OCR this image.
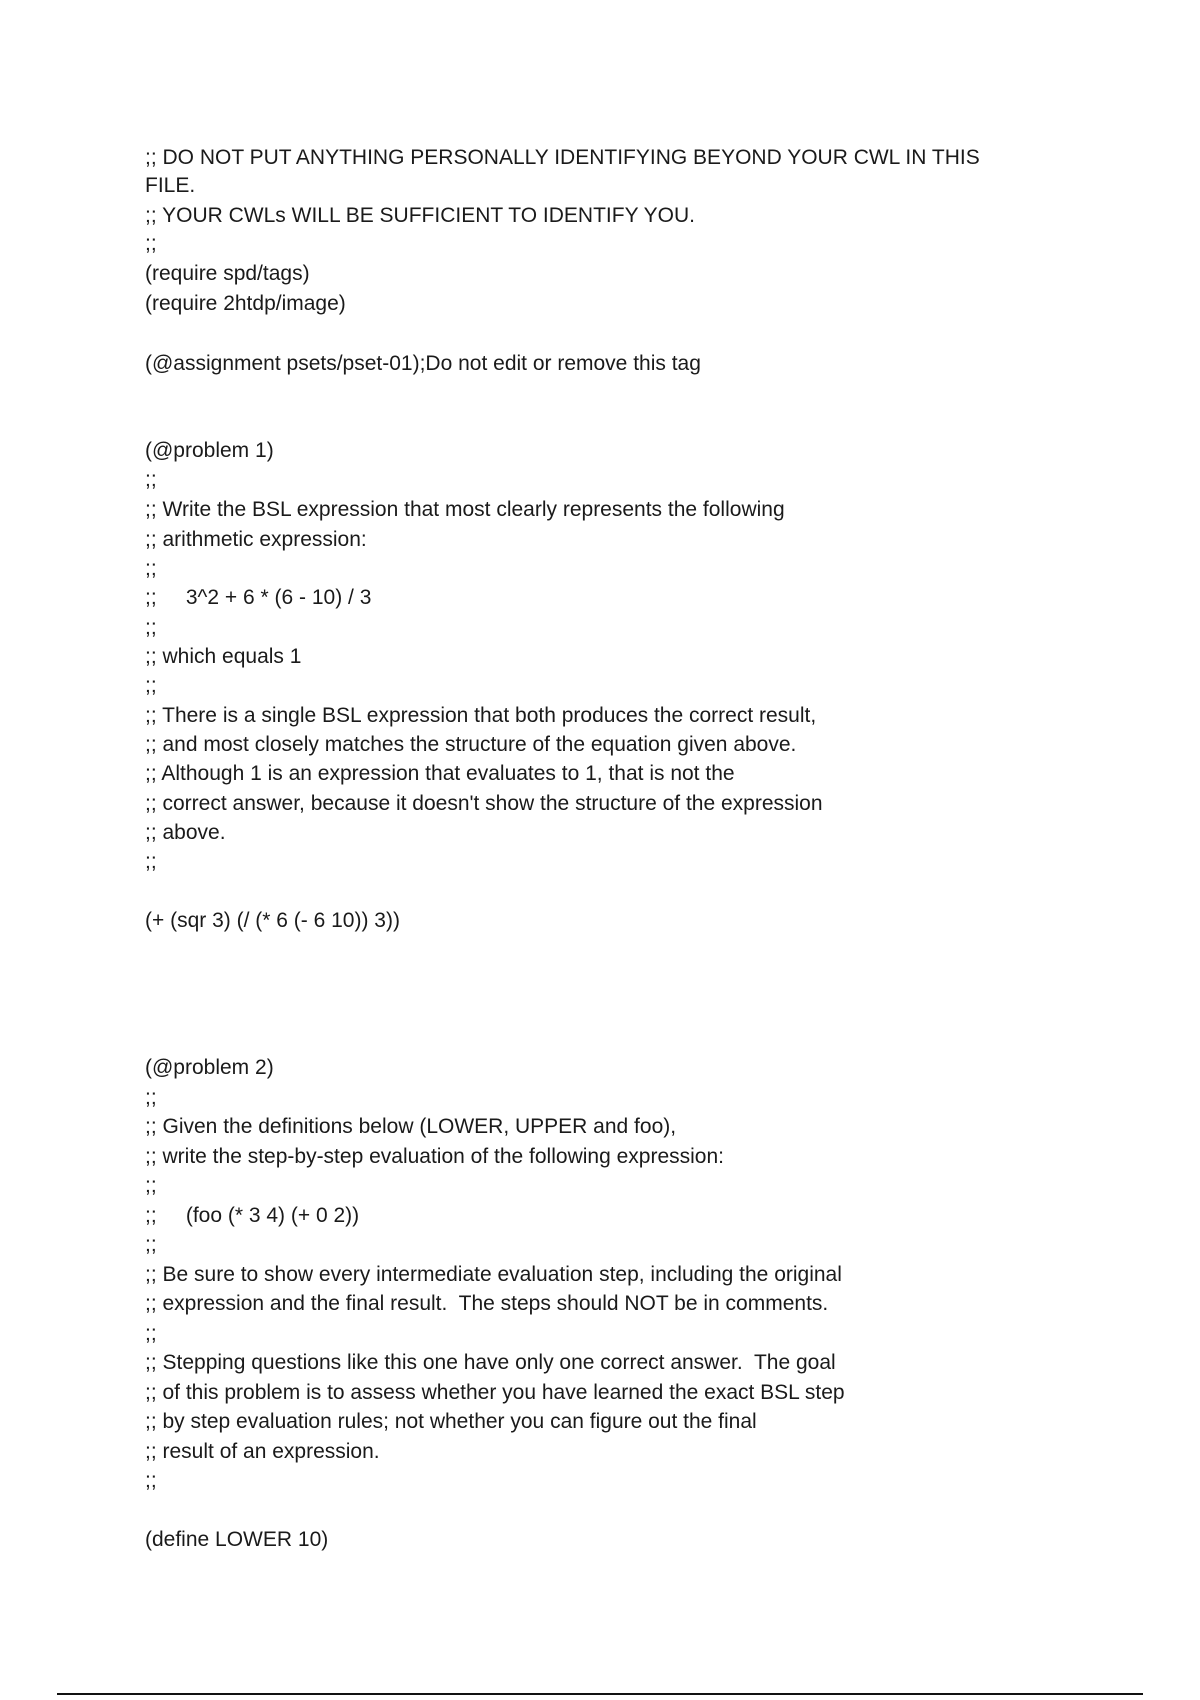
;; DO NOT PUT ANYTHING PERSONALLY IDENTIFYING BEYOND YOUR CWL IN THIS
FILE.
;; YOUR CWLs WILL BE SUFFICIENT TO IDENTIFY YOU.
;;
(require spd/tags)
(require 2htdp/image)
(@assignment psets/pset-01);Do not edit or remove this tag
(@problem 1)
;;
;; Write the BSL expression that most clearly represents the following
;; arithmetic expression:
;;
;;     3^2 + 6 * (6 - 10) / 3
;;
;; which equals 1
;;
;; There is a single BSL expression that both produces the correct result,
;; and most closely matches the structure of the equation given above.
;; Although 1 is an expression that evaluates to 1, that is not the
;; correct answer, because it doesn't show the structure of the expression
;; above.
;;
(+ (sqr 3) (/ (* 6 (- 6 10)) 3))
(@problem 2)
;;
;; Given the definitions below (LOWER, UPPER and foo),
;; write the step-by-step evaluation of the following expression:
;;
;;     (foo (* 3 4) (+ 0 2))
;;
;; Be sure to show every intermediate evaluation step, including the original
;; expression and the final result.  The steps should NOT be in comments.
;;
;; Stepping questions like this one have only one correct answer.  The goal
;; of this problem is to assess whether you have learned the exact BSL step
;; by step evaluation rules; not whether you can figure out the final
;; result of an expression.
;;
(define LOWER 10)
